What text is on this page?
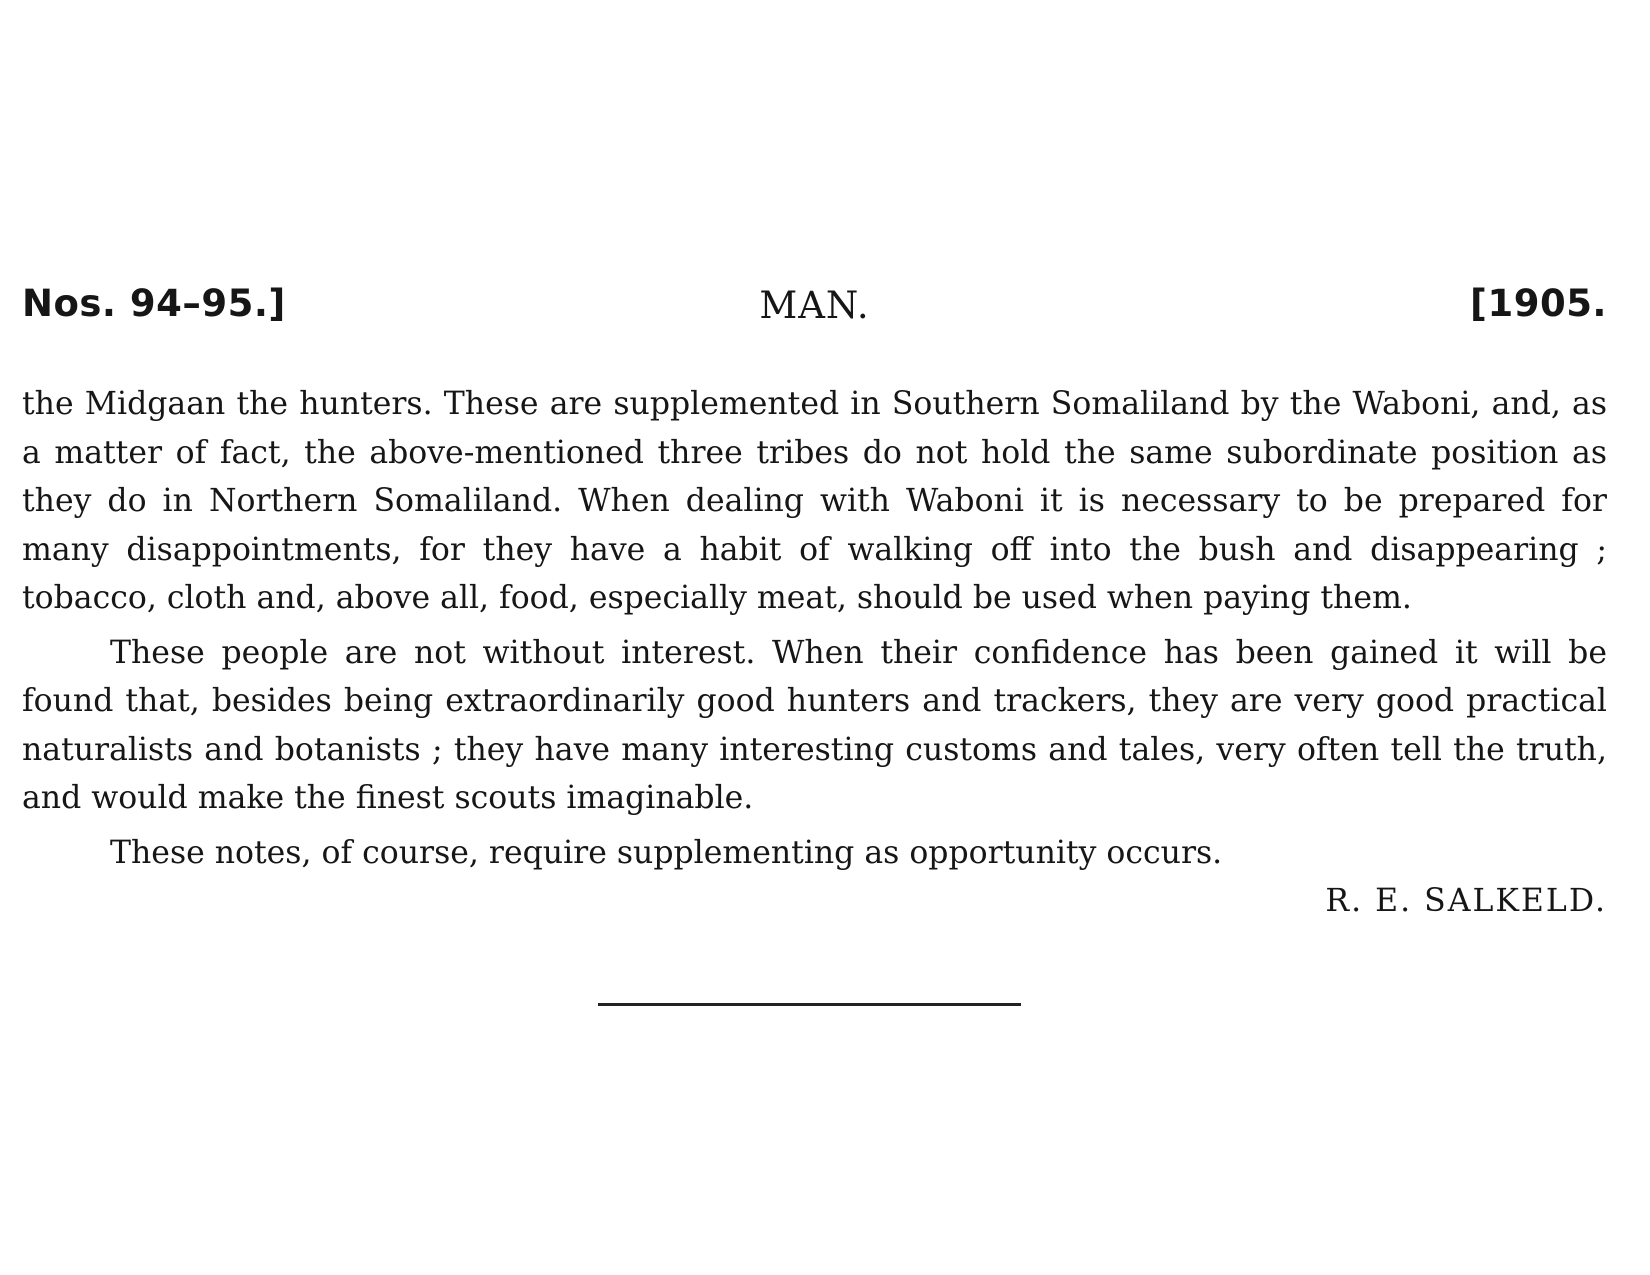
Nos. 94–95.]	MAN.	[1905.

the Midgaan the hunters. These are supplemented in Southern Somaliland by the Waboni, and, as a matter of fact, the above-mentioned three tribes do not hold the same subordinate position as they do in Northern Somaliland. When dealing with Waboni it is necessary to be prepared for many disappointments, for they have a habit of walking off into the bush and disappearing ; tobacco, cloth and, above all, food, especially meat, should be used when paying them.

These people are not without interest. When their confidence has been gained it will be found that, besides being extraordinarily good hunters and trackers, they are very good practical naturalists and botanists ; they have many interesting customs and tales, very often tell the truth, and would make the finest scouts imaginable.

These notes, of course, require supplementing as opportunity occurs.

R. E. SALKELD.
